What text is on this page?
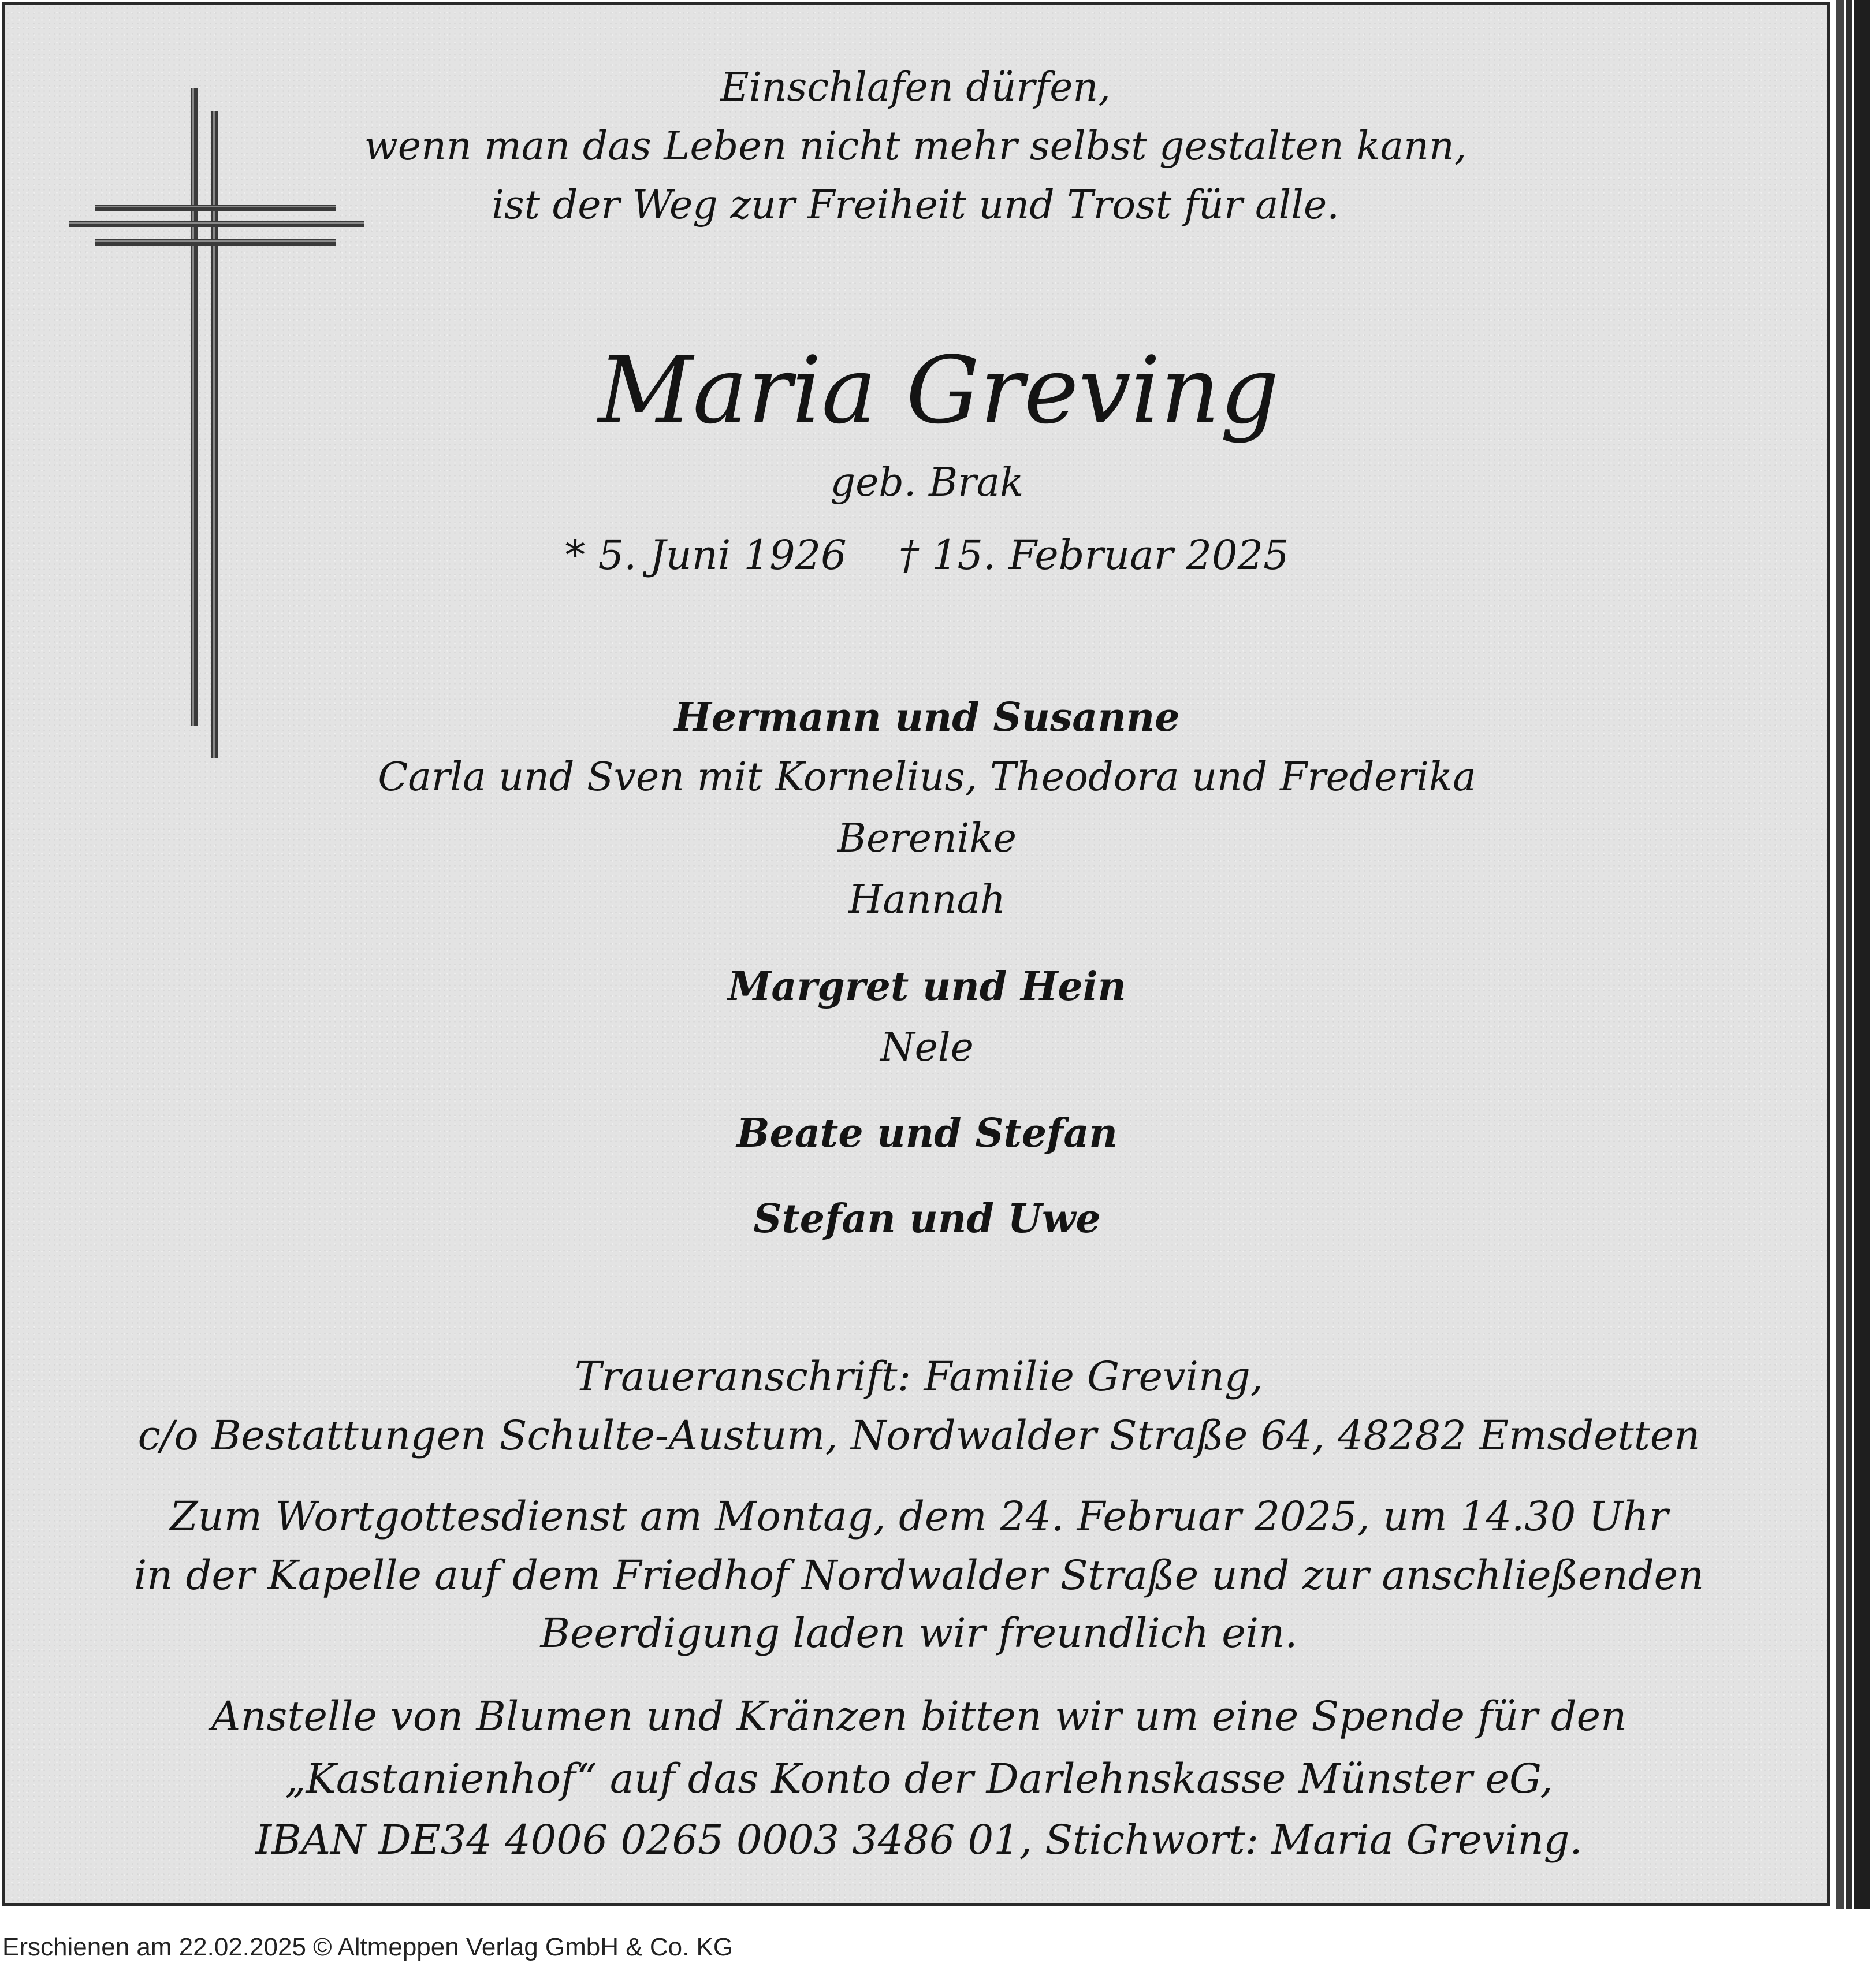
Einschlafen dürfen,

wenn man das Leben nicht mehr selbst gestalten kann,

ist der Weg zur Freiheit und Trost für alle.

Maria Greving

geb. Brak

* 5. Juni 1926 † 15. Februar 2025

Hermann und Susanne

Carla und Sven mit Kornelius, Theodora und Frederika

Berenike

Hannah

Margret und Hein

Nele

Beate und Stefan

Stefan und Uwe

Traueranschrift: Familie Greving,

c/o Bestattungen Schulte-Austum, Nordwalder Straße 64, 48282 Emsdetten

Zum Wortgottesdienst am Montag, dem 24. Februar 2025, um 14.30 Uhr

in der Kapelle auf dem Friedhof Nordwalder Straße und zur anschließenden

Beerdigung laden wir freundlich ein.

Anstelle von Blumen und Kränzen bitten wir um eine Spende für den

„Kastanienhof“ auf das Konto der Darlehnskasse Münster eG,

IBAN DE34 4006 0265 0003 3486 01, Stichwort: Maria Greving.

Erschienen am 22.02.2025 © Altmeppen Verlag GmbH & Co. KG
